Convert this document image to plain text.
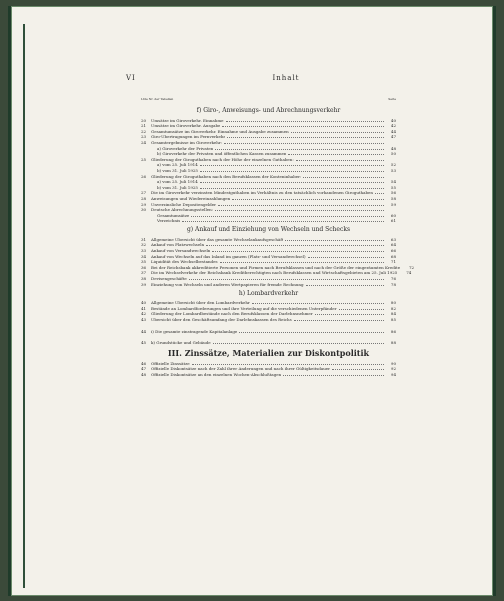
VI	Inhalt
Lfde Nr. der Tabellen	Seite
f) Giro-, Anweisungs- und Abrechnungsverkehr
20	Umsätze im Giroverkehr. Einnahme	40
21	Umsätze im Giroverkehr. Ausgabe	42
22	Gesamtumsätze im Giroverkehr. Einnahme und Ausgabe zusammen	44
23	Giro-Übertragungen im Fernverkehr	47
24	Gesamtergebnisse im Giroverkehr:
a) Giroverkehr der Privaten	48
b) Giroverkehr der Privaten und öffentlichen Kassen zusammen	50
25	Gliederung der Giroguthaben nach der Höhe der einzelnen Guthaben:
a) vom 25. Juli 1914	52
b) vom 31. Juli 1925	53
26	Gliederung der Giroguthaben nach den Berufsklassen der Konteninhaber:
a) vom 25. Juli 1914	54
b) vom 31. Juli 1925	55
27	Die im Giroverkehr verzinsten Mindestguthaben im Verhältnis zu den tatsächlich vorhandenen Giroguthaben	56
28	Anweisungen und Wiedereinzahlungen	58
29	Unverzinsliche Depositengelder	59
30	Deutsche Abrechnungsstellen:
Gesamtumsätze	60
Verzeichnis	61
g) Ankauf und Einziehung von Wechseln und Schecks
31	Allgemeine Übersicht über das gesamte Wechselankaufsgeschäft	63
32	Ankauf von Platzwechseln	64
33	Ankauf von Versandwechseln	66
34	Ankauf von Wechseln auf das Inland im ganzen (Platz- und Versandwechsel)	68
35	Liquidität des Wechselbestandes	71
36	Bei der Reichsbank akkreditierte Personen und Firmen nach Berufsklassen und nach der Größe der eingeräumten Kredite	72
37	Die im Wechselverkehr der Reichsbank Kreditberechtigten nach Berufsklassen und Wirtschaftsgebieten am 25. Juli 1925	74
38	Devisengeschäfte	76
39	Einziehung von Wechseln und anderen Wertpapieren für fremde Rechnung	78
h) Lombardverkehr
40	Allgemeine Übersicht über den Lombardverkehr	80
41	Bestände an Lombardforderungen und ihre Verteilung auf die verschiedenen Unterpfänder	82
42	Gliederung der Lombardbestände nach den Berufsklassen der Darlehnsnehmer	84
43	Übersicht über den Geschäftsumfang der Darlehnskassen des Reichs	85
44	i) Die gesamte zinstragende Kapitalanlage	86
45	k) Grundstücke und Gebäude	88
III. Zinssätze, Materialien zur Diskontpolitik
46	Offizielle Zinssätze	90
47	Offizielle Diskontsätze nach der Zahl ihrer Änderungen und nach ihrer Gültigkeitsdauer	92
48	Offizielle Diskontsätze an den einzelnen Wochen-Abschlußtagen	94
